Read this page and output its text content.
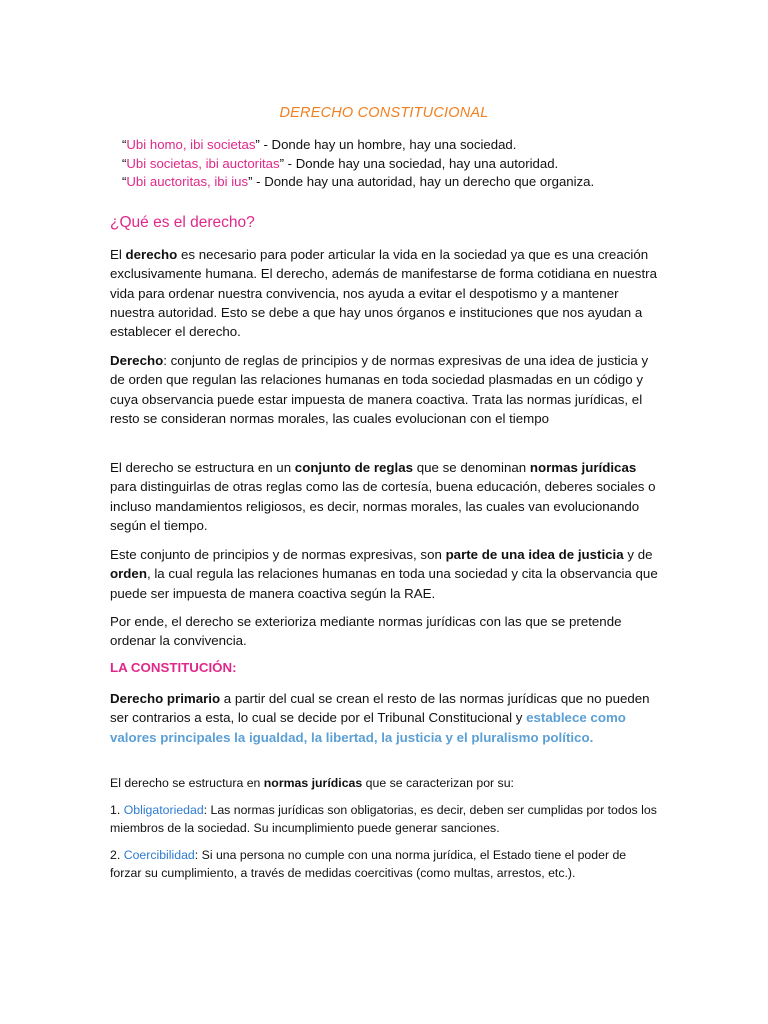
DERECHO CONSTITUCIONAL
“Ubi homo, ibi societas” - Donde hay un hombre, hay una sociedad.
“Ubi societas, ibi auctoritas” - Donde hay una sociedad, hay una autoridad.
“Ubi auctoritas, ibi ius” - Donde hay una autoridad, hay un derecho que organiza.
¿Qué es el derecho?
El derecho es necesario para poder articular la vida en la sociedad ya que es una creación exclusivamente humana. El derecho, además de manifestarse de forma cotidiana en nuestra vida para ordenar nuestra convivencia, nos ayuda a evitar el despotismo y a mantener nuestra autoridad. Esto se debe a que hay unos órganos e instituciones que nos ayudan a establecer el derecho.
Derecho: conjunto de reglas de principios y de normas expresivas de una idea de justicia y de orden que regulan las relaciones humanas en toda sociedad plasmadas en un código y cuya observancia puede estar impuesta de manera coactiva. Trata las normas jurídicas, el resto se consideran normas morales, las cuales evolucionan con el tiempo
El derecho se estructura en un conjunto de reglas que se denominan normas jurídicas para distinguirlas de otras reglas como las de cortesía, buena educación, deberes sociales o incluso mandamientos religiosos, es decir, normas morales, las cuales van evolucionando según el tiempo.
Este conjunto de principios y de normas expresivas, son parte de una idea de justicia y de orden, la cual regula las relaciones humanas en toda una sociedad y cita la observancia que puede ser impuesta de manera coactiva según la RAE.
Por ende, el derecho se exterioriza mediante normas jurídicas con las que se pretende ordenar la convivencia.
LA CONSTITUCIÓN:
Derecho primario a partir del cual se crean el resto de las normas jurídicas que no pueden ser contrarios a esta, lo cual se decide por el Tribunal Constitucional y establece como valores principales la igualdad, la libertad, la justicia y el pluralismo político.
El derecho se estructura en normas jurídicas que se caracterizan por su:
1. Obligatoriedad: Las normas jurídicas son obligatorias, es decir, deben ser cumplidas por todos los miembros de la sociedad. Su incumplimiento puede generar sanciones.
2. Coercibilidad: Si una persona no cumple con una norma jurídica, el Estado tiene el poder de forzar su cumplimiento, a través de medidas coercitivas (como multas, arrestos, etc.).
